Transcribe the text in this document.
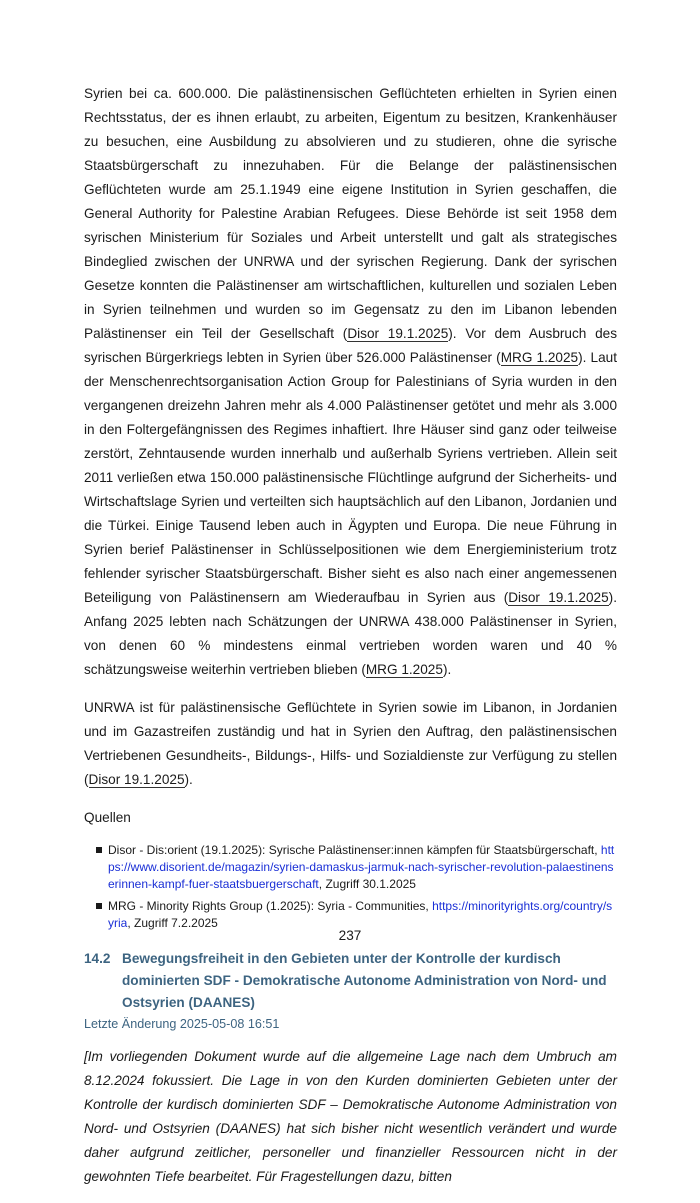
Syrien bei ca. 600.000. Die palästinensischen Geflüchteten erhielten in Syrien einen Rechtsstatus, der es ihnen erlaubt, zu arbeiten, Eigentum zu besitzen, Krankenhäuser zu besuchen, eine Ausbildung zu absolvieren und zu studieren, ohne die syrische Staatsbürgerschaft zu innezuhaben. Für die Belange der palästinensischen Geflüchteten wurde am 25.1.1949 eine eigene Institution in Syrien geschaffen, die General Authority for Palestine Arabian Refugees. Diese Behörde ist seit 1958 dem syrischen Ministerium für Soziales und Arbeit unterstellt und galt als strategisches Bindeglied zwischen der UNRWA und der syrischen Regierung. Dank der syrischen Gesetze konnten die Palästinenser am wirtschaftlichen, kulturellen und sozialen Leben in Syrien teilnehmen und wurden so im Gegensatz zu den im Libanon lebenden Palästinenser ein Teil der Gesellschaft (Disor 19.1.2025). Vor dem Ausbruch des syrischen Bürgerkriegs lebten in Syrien über 526.000 Palästinenser (MRG 1.2025). Laut der Menschenrechtsorganisation Action Group for Palestinians of Syria wurden in den vergangenen dreizehn Jahren mehr als 4.000 Palästinenser getötet und mehr als 3.000 in den Foltergefängnissen des Regimes inhaftiert. Ihre Häuser sind ganz oder teilweise zerstört, Zehntausende wurden innerhalb und außerhalb Syriens vertrieben. Allein seit 2011 verließen etwa 150.000 palästinensische Flüchtlinge aufgrund der Sicherheits- und Wirtschaftslage Syrien und verteilten sich hauptsächlich auf den Libanon, Jordanien und die Türkei. Einige Tausend leben auch in Ägypten und Europa. Die neue Führung in Syrien berief Palästinenser in Schlüsselpositionen wie dem Energieministerium trotz fehlender syrischer Staatsbürgerschaft. Bisher sieht es also nach einer angemessenen Beteiligung von Palästinensern am Wiederaufbau in Syrien aus (Disor 19.1.2025). Anfang 2025 lebten nach Schätzungen der UNRWA 438.000 Palästinenser in Syrien, von denen 60 % mindestens einmal vertrieben worden waren und 40 % schätzungsweise weiterhin vertrieben blieben (MRG 1.2025).

UNRWA ist für palästinensische Geflüchtete in Syrien sowie im Libanon, in Jordanien und im Gazastreifen zuständig und hat in Syrien den Auftrag, den palästinensischen Vertriebenen Gesundheits-, Bildungs-, Hilfs- und Sozialdienste zur Verfügung zu stellen (Disor 19.1.2025).

Quellen

Disor - Dis:orient (19.1.2025): Syrische Palästinenser:innen kämpfen für Staatsbürgerschaft, https://www.disorient.de/magazin/syrien-damaskus-jarmuk-nach-syrischer-revolution-palaestinenserinnen-kampf-fuer-staatsbuergerschaft, Zugriff 30.1.2025
MRG - Minority Rights Group (1.2025): Syria - Communities, https://minorityrights.org/country/syria, Zugriff 7.2.2025
14.2 Bewegungsfreiheit in den Gebieten unter der Kontrolle der kurdisch dominierten SDF - Demokratische Autonome Administration von Nord- und Ostsyrien (DAANES)
Letzte Änderung 2025-05-08 16:51

[Im vorliegenden Dokument wurde auf die allgemeine Lage nach dem Umbruch am 8.12.2024 fokussiert. Die Lage in von den Kurden dominierten Gebieten unter der Kontrolle der kurdisch dominierten SDF – Demokratische Autonome Administration von Nord- und Ostsyrien (DAANES) hat sich bisher nicht wesentlich verändert und wurde daher aufgrund zeitlicher, personeller und finanzieller Ressourcen nicht in der gewohnten Tiefe bearbeitet. Für Fragestellungen dazu, bitten

237
